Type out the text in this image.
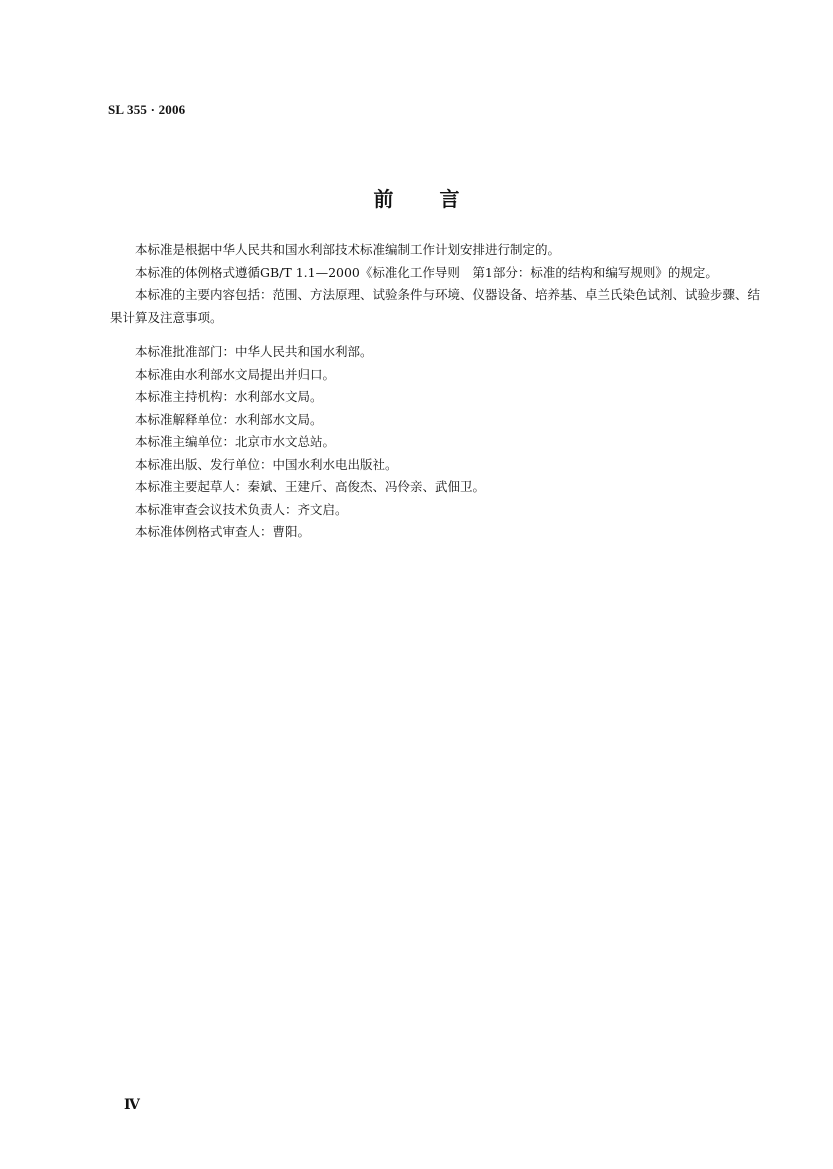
SL 355 · 2006
前言

本标准是根据中华人民共和国水利部技术标准编制工作计划安排进行制定的。

本标准的体例格式遵循GB/T 1.1—2000《标准化工作导则　第1部分：标准的结构和编写规则》的规定。

本标准的主要内容包括：范围、方法原理、试验条件与环境、仪器设备、培养基、卓兰氏染色试剂、试验步骤、结果计算及注意事项。

本标准批准部门：中华人民共和国水利部。

本标准由水利部水文局提出并归口。

本标准主持机构：水利部水文局。

本标准解释单位：水利部水文局。

本标准主编单位：北京市水文总站。

本标准出版、发行单位：中国水利水电出版社。

本标准主要起草人：秦斌、王建斤、高俊杰、冯伶亲、武佃卫。

本标准审查会议技术负责人：齐文启。

本标准体例格式审查人：曹阳。

Ⅳ
